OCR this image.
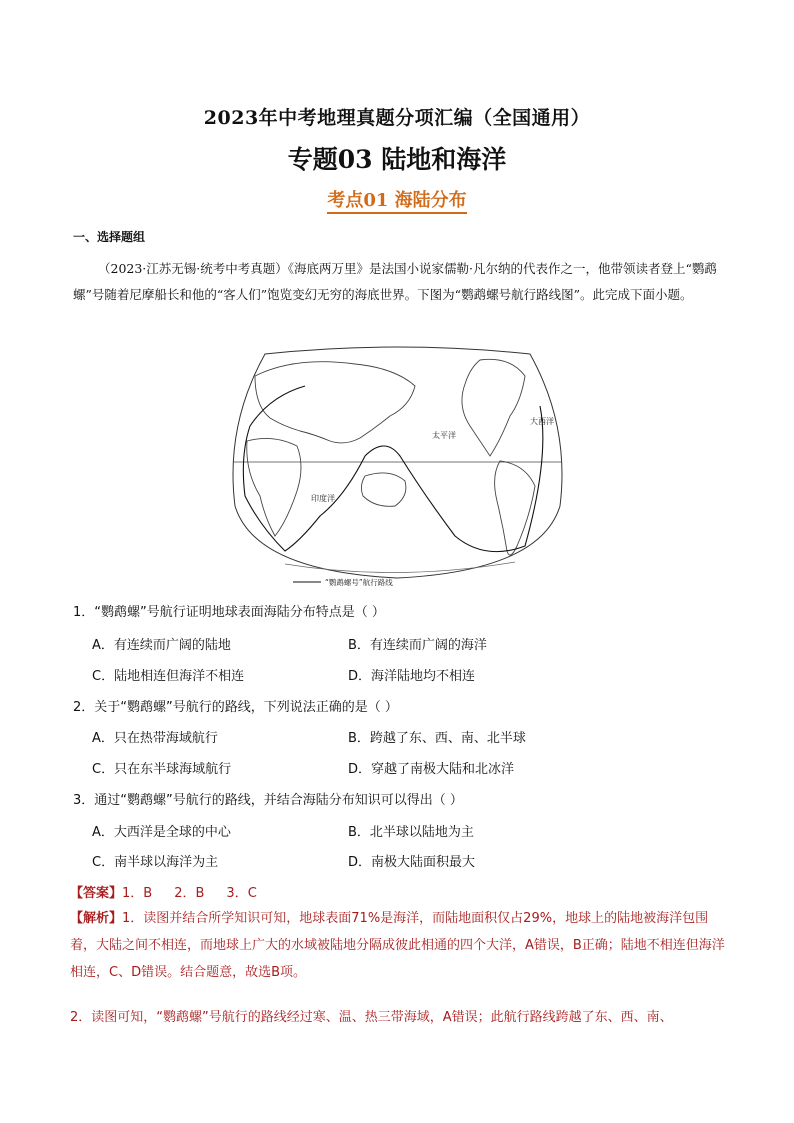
2023年中考地理真题分项汇编（全国通用）
专题03 陆地和海洋
考点01 海陆分布
一、选择题组
（2023·江苏无锡·统考中考真题）《海底两万里》是法国小说家儒勒·凡尔纳的代表作之一，他带领读者登上“鹦鹉螺”号随着尼摩船长和他的“客人们”饱览变幻无穷的海底世界。下图为“鹦鹉螺号航行路线图”。此完成下面小题。
大西洋
太平洋
印度洋
“鹦鹉螺号”航行路线
1．“鹦鹉螺”号航行证明地球表面海陆分布特点是（ ）
A．有连续而广阔的陆地	B．有连续而广阔的海洋
C．陆地相连但海洋不相连	D．海洋陆地均不相连
2．关于“鹦鹉螺”号航行的路线，下列说法正确的是（ ）
A．只在热带海域航行	B．跨越了东、西、南、北半球
C．只在东半球海域航行	D．穿越了南极大陆和北冰洋
3．通过“鹦鹉螺”号航行的路线，并结合海陆分布知识可以得出（ ）
A．大西洋是全球的中心	B．北半球以陆地为主
C．南半球以海洋为主	D．南极大陆面积最大
【答案】1．B 2．B 3．C
【解析】1．读图并结合所学知识可知，地球表面71%是海洋，而陆地面积仅占29%，地球上的陆地被海洋包围着，大陆之间不相连，而地球上广大的水域被陆地分隔成彼此相通的四个大洋，A错误，B正确；陆地不相连但海洋相连，C、D错误。结合题意，故选B项。
2．读图可知，“鹦鹉螺”号航行的路线经过寒、温、热三带海域，A错误；此航行路线跨越了东、西、南、
